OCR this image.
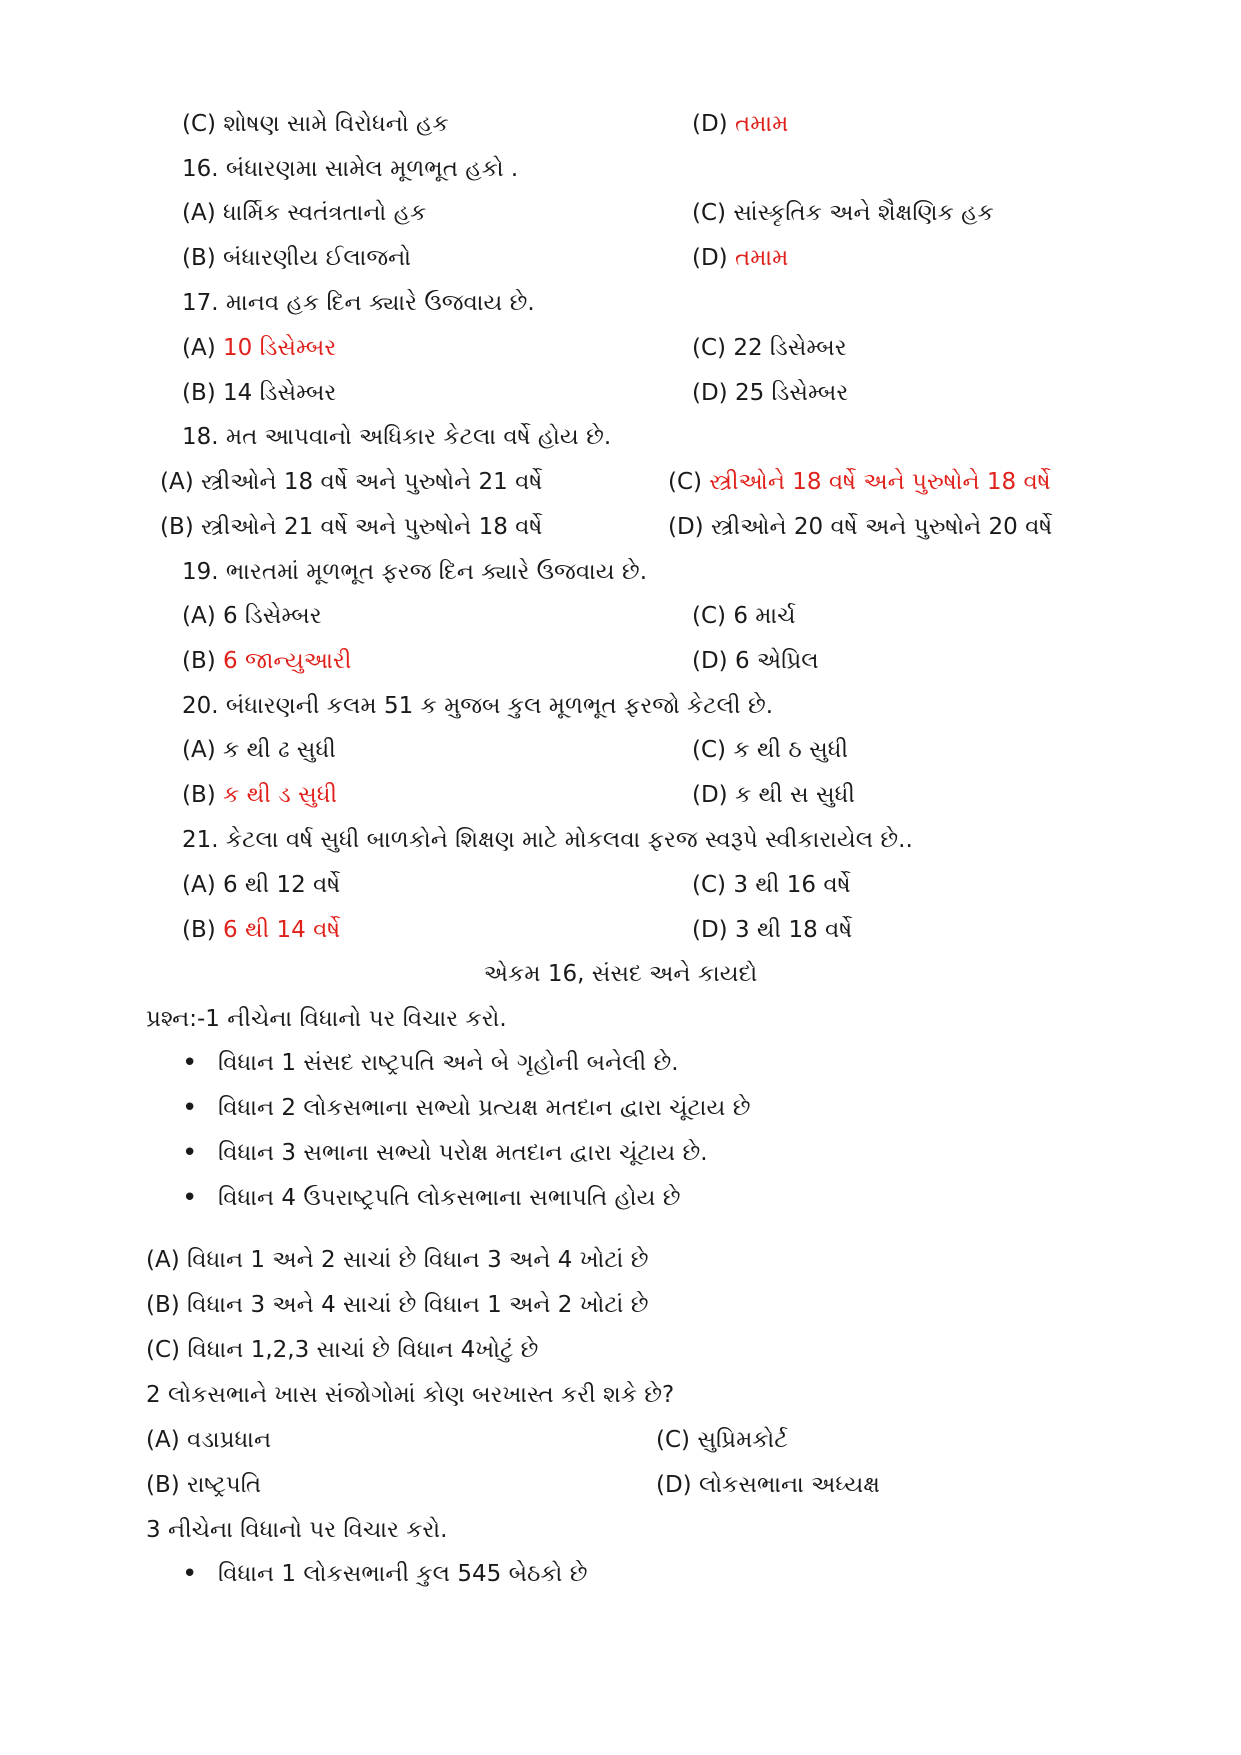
(C) શોષણ સામે વિરોધનો હક	(D) તમામ
16. બંધારણમા સામેલ મૂળભૂત હકો .
(A) ધાર્મિક સ્વતંત્રતાનો હક	(C) સાંસ્કૃતિક અને શૈક્ષણિક હક
(B) બંધારણીય ઈલાજનો	(D) તમામ
17. માનવ હક દિન ક્યારે ઉજવાય છે.
(A) 10 ડિસેમ્બર	(C) 22 ડિસેમ્બર
(B) 14 ડિસેમ્બર	(D) 25 ડિસેમ્બર
18. મત આપવાનો અધિકાર કેટલા વર્ષે હોય છે.
(A) સ્ત્રીઓને 18 વર્ષે અને પુરુષોને 21 વર્ષે	(C) સ્ત્રીઓને 18 વર્ષે અને પુરુષોને 18 વર્ષે
(B) સ્ત્રીઓને 21 વર્ષે અને પુરુષોને 18 વર્ષે	(D) સ્ત્રીઓને 20 વર્ષે અને પુરુષોને 20 વર્ષે
19. ભારતમાં મૂળભૂત ફરજ દિન ક્યારે ઉજવાય છે.
(A) 6 ડિસેમ્બર	(C) 6 માર્ચ
(B) 6 જાન્યુઆરી	(D) 6 એપ્રિલ
20. બંધારણની કલમ 51 ક મુજબ કુલ મૂળભૂત ફરજો કેટલી છે.
(A) ક થી ઢ સુધી	(C) ક થી ઠ સુધી
(B) ક થી ડ સુધી	(D) ક થી સ સુધી
21. કેટલા વર્ષ સુધી બાળકોને શિક્ષણ માટે મોકલવા ફરજ સ્વરૂપે સ્વીકારાયેલ છે..
(A) 6 થી 12 વર્ષે	(C) 3 થી 16 વર્ષે
(B) 6 થી 14 વર્ષે	(D) 3 થી 18 વર્ષે
એકમ 16, સંસદ અને કાયદો
પ્રશ્ન:-1 નીચેના વિધાનો પર વિચાર કરો.
• વિધાન 1 સંસદ રાષ્ટ્રપતિ અને બે ગૃહોની બનેલી છે.
• વિધાન 2 લોકસભાના સભ્યો પ્રત્યક્ષ મતદાન દ્વારા ચૂંટાય છે
• વિધાન 3 સભાના સભ્યો પરોક્ષ મતદાન દ્વારા ચૂંટાય છે.
• વિધાન 4 ઉપરાષ્ટ્રપતિ લોકસભાના સભાપતિ હોય છે
(A) વિધાન 1 અને 2 સાચાં છે વિધાન 3 અને 4 ખોટાં છે
(B) વિધાન 3 અને 4 સાચાં છે વિધાન 1 અને 2 ખોટાં છે
(C) વિધાન 1,2,3 સાચાં છે વિધાન 4ખોટું છે
2 લોકસભાને ખાસ સંજોગોમાં કોણ બરખાસ્ત કરી શકે છે?
(A) વડાપ્રધાન	(C) સુપ્રિમકોર્ટ
(B) રાષ્ટ્રપતિ	(D) લોકસભાના અધ્યક્ષ
3 નીચેના વિધાનો પર વિચાર કરો.
• વિધાન 1 લોકસભાની કુલ 545 બેઠકો છે
